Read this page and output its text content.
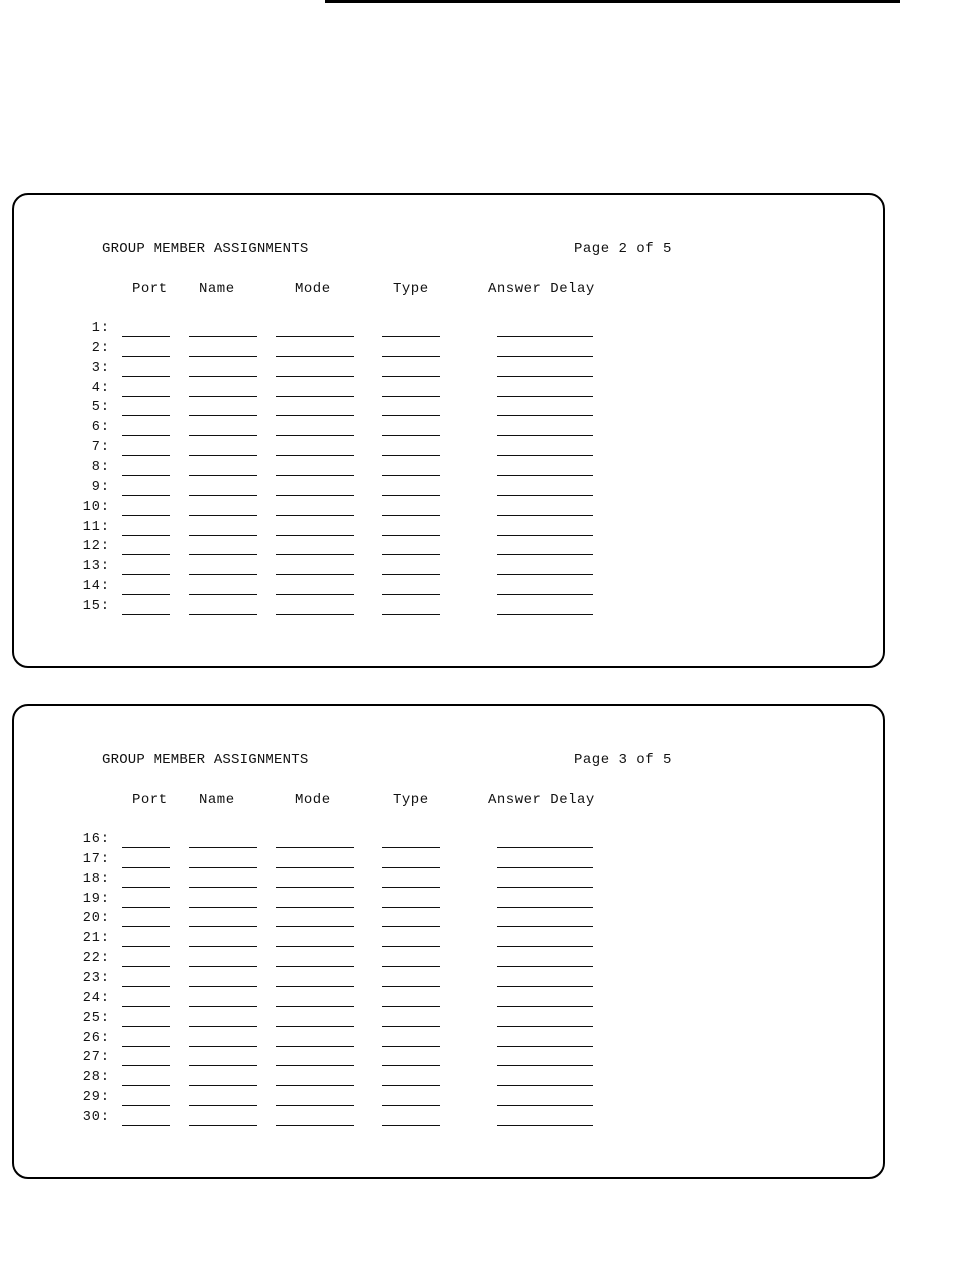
GROUP MEMBER ASSIGNMENTS	Page 2 of 5
Port Name	Mode	Type	Answer Delay
1:
2:
3:
4:
5:
6:
7:
8:
9:
10:
11:
12:
13:
14:
15:
GROUP MEMBER ASSIGNMENTS	Page 3 of 5
Port Name	Mode	Type	Answer Delay
16:
17:
18:
19:
20:
21:
22:
23:
24:
25:
26:
27:
28:
29:
30:
